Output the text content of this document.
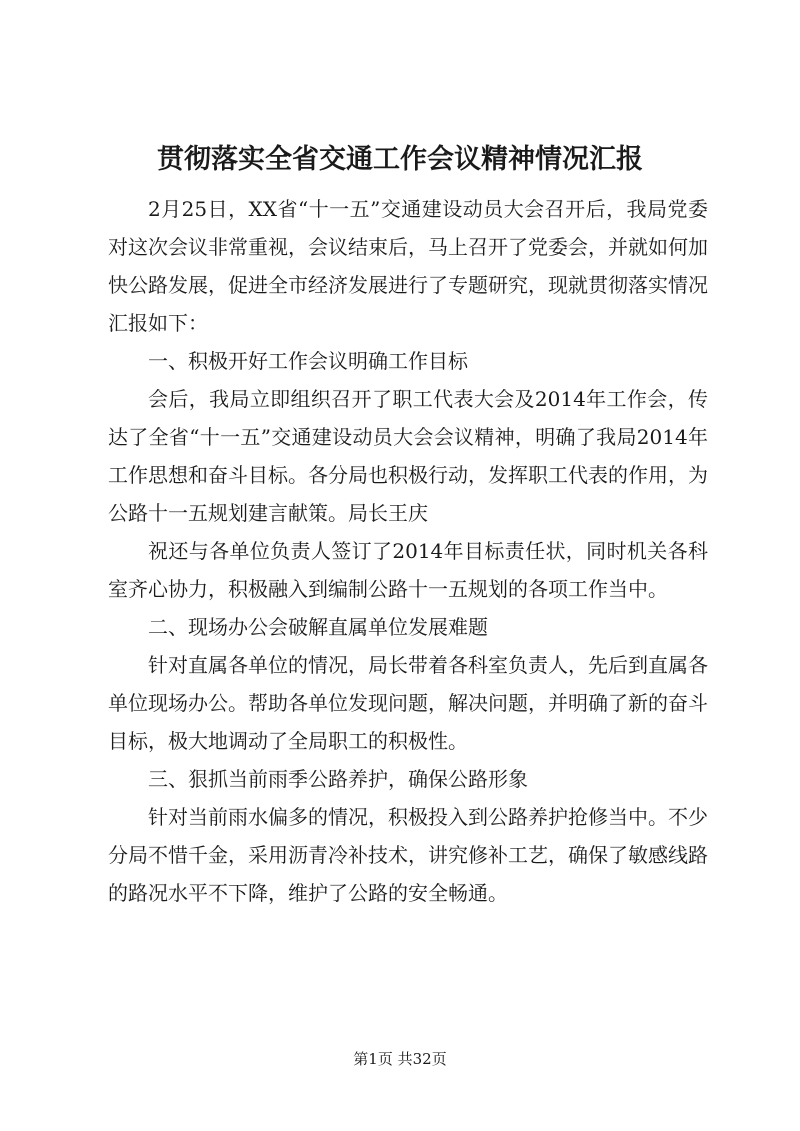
贯彻落实全省交通工作会议精神情况汇报

2月25日，XX省“十一五”交通建设动员大会召开后，我局党委对这次会议非常重视，会议结束后，马上召开了党委会，并就如何加快公路发展，促进全市经济发展进行了专题研究，现就贯彻落实情况汇报如下：

一、积极开好工作会议明确工作目标

会后，我局立即组织召开了职工代表大会及2014年工作会，传达了全省“十一五”交通建设动员大会会议精神，明确了我局2014年工作思想和奋斗目标。各分局也积极行动，发挥职工代表的作用，为公路十一五规划建言献策。局长王庆

祝还与各单位负责人签订了2014年目标责任状，同时机关各科室齐心协力，积极融入到编制公路十一五规划的各项工作当中。

二、现场办公会破解直属单位发展难题

针对直属各单位的情况，局长带着各科室负责人，先后到直属各单位现场办公。帮助各单位发现问题，解决问题，并明确了新的奋斗目标，极大地调动了全局职工的积极性。

三、狠抓当前雨季公路养护，确保公路形象

针对当前雨水偏多的情况，积极投入到公路养护抢修当中。不少分局不惜千金，采用沥青冷补技术，讲究修补工艺，确保了敏感线路的路况水平不下降，维护了公路的安全畅通。

第1页 共32页
